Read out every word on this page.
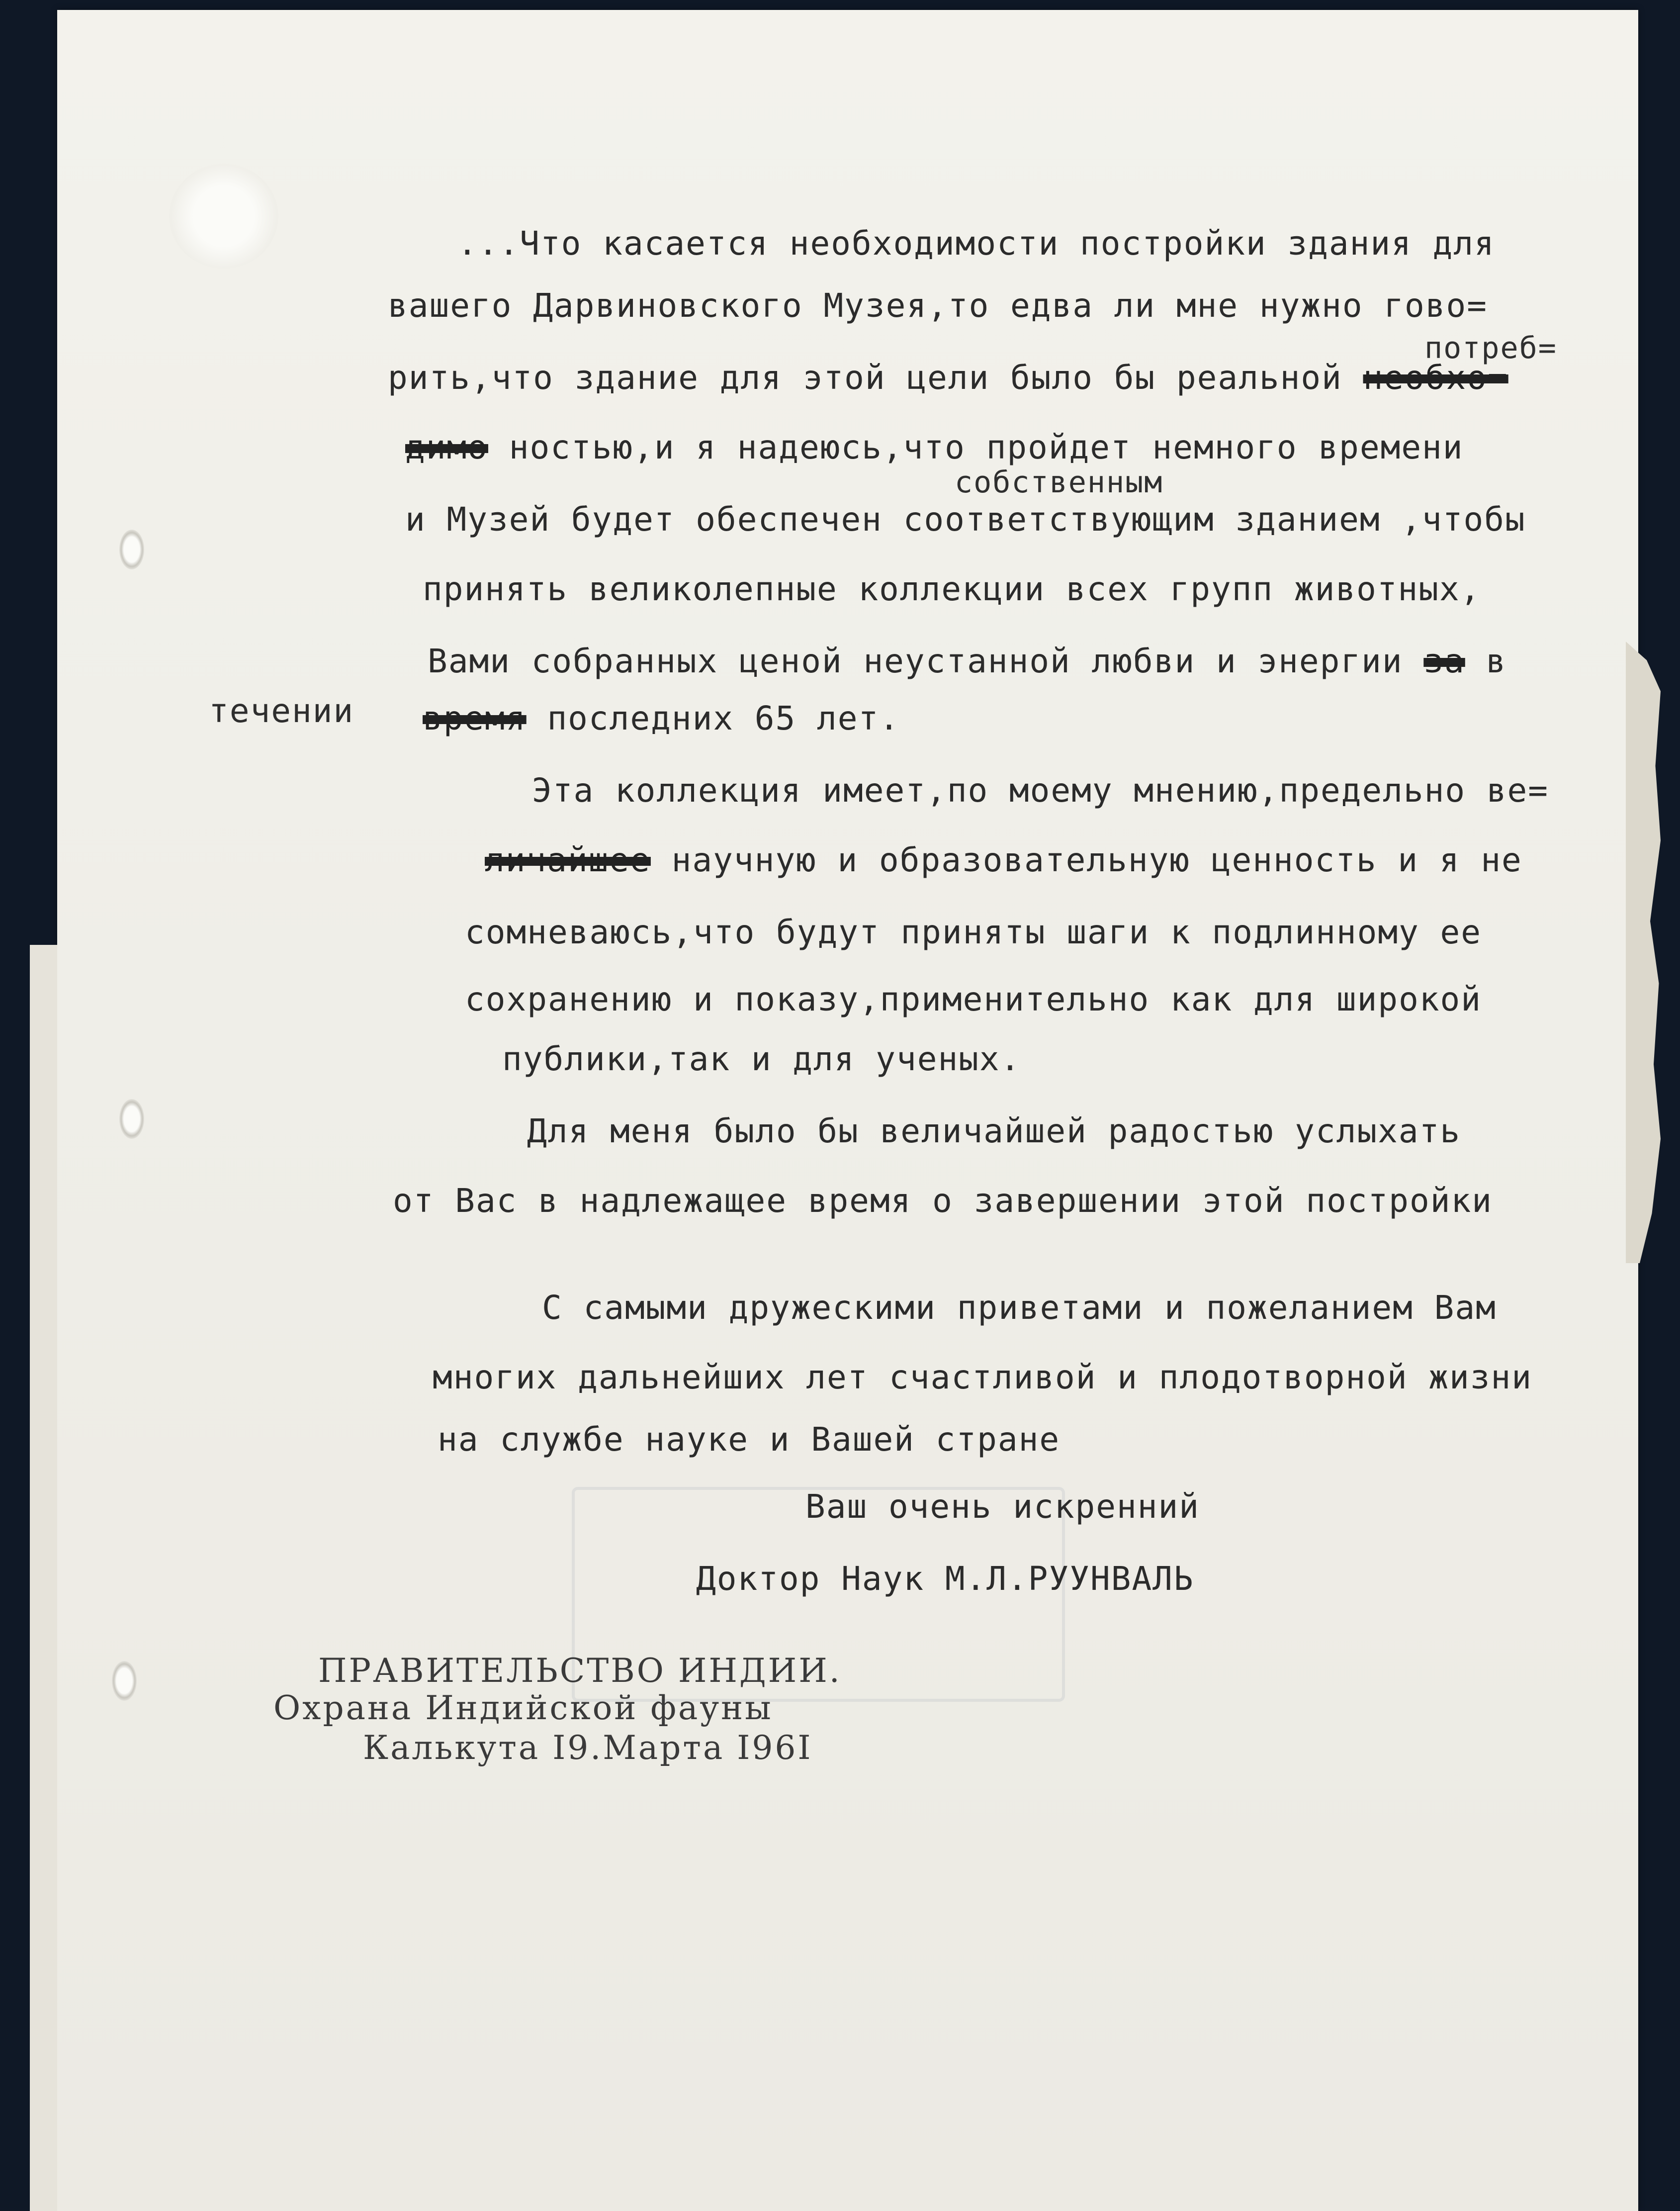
...Что касается необходимости постройки здания для

вашего Дарвиновского Музея,то едва ли мне нужно гово=

потреб=

рить,что здание для этой цели было бы реальной необхо=

димо ностью,и я надеюсь,что пройдет немного времени

собственным

и Музей будет обеспечен соответствующим зданием ,чтобы

принять великолепные коллекции всех групп животных,

Вами собранных ценой неустанной любви и энергии за в

течении время последних 65 лет.

Эта коллекция имеет,по моему мнению,предельно ве=

личайшее научную и образовательную ценность и я не

сомневаюсь,что будут приняты шаги к подлинному ее

сохранению и показу,применительно как для широкой

публики,так и для ученых.

Для меня было бы величайшей радостью услыхать

от Вас в надлежащее время о завершении этой постройки

С самыми дружескими приветами и пожеланием Вам

многих дальнейших лет счастливой и плодотворной жизни

на службе науке и Вашей стране

Ваш очень искренний

Доктор Наук М.Л.РУУНВАЛЬ

ПРАВИТЕЛЬСТВО ИНДИИ.

Охрана Индийской фауны

Калькута I9.Марта I96I
